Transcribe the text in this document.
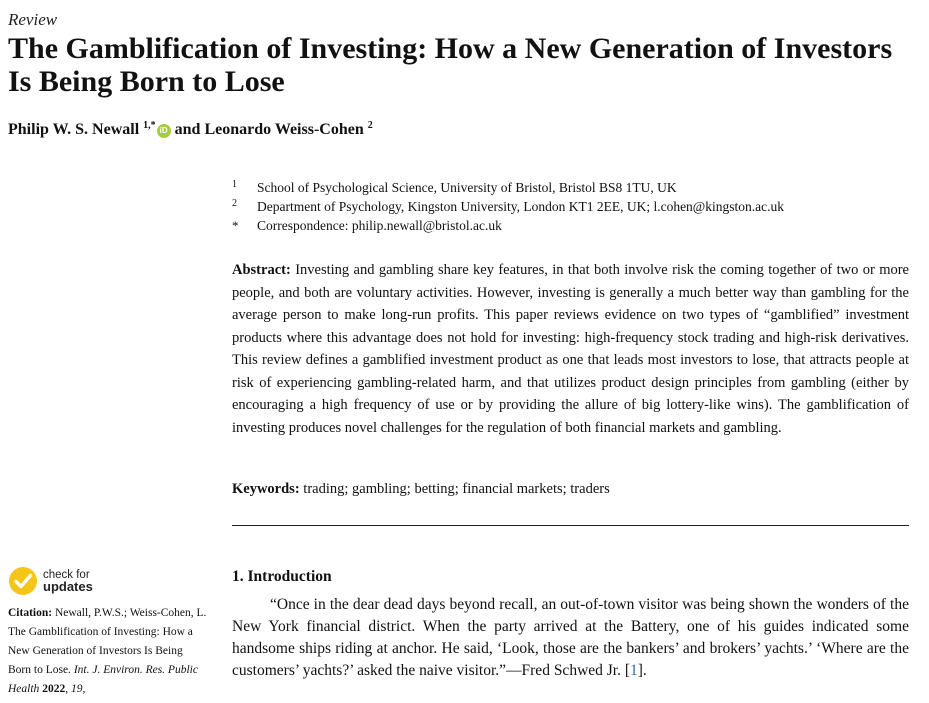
Review
The Gamblification of Investing: How a New Generation of Investors Is Being Born to Lose
Philip W. S. Newall $^{1,*}$ iD and Leonardo Weiss-Cohen $^2$
1 School of Psychological Science, University of Bristol, Bristol BS8 1TU, UK
2 Department of Psychology, Kingston University, London KT1 2EE, UK; l.cohen@kingston.ac.uk
* Correspondence: philip.newall@bristol.ac.uk
Abstract: Investing and gambling share key features, in that both involve risk the coming together of two or more people, and both are voluntary activities. However, investing is generally a much better way than gambling for the average person to make long-run profits. This paper reviews evidence on two types of “gamblified” investment products where this advantage does not hold for investing: high-frequency stock trading and high-risk derivatives. This review defines a gamblified investment product as one that leads most investors to lose, that attracts people at risk of experiencing gambling-related harm, and that utilizes product design principles from gambling (either by encouraging a high frequency of use or by providing the allure of big lottery-like wins). The gamblification of investing produces novel challenges for the regulation of both financial markets and gambling.
Keywords: trading; gambling; betting; financial markets; traders
check for
updates
Citation: Newall, P.W.S.; Weiss-Cohen, L. The Gamblification of Investing: How a New Generation of Investors Is Being Born to Lose. Int. J. Environ. Res. Public Health 2022, 19,
1. Introduction
“Once in the dear dead days beyond recall, an out-of-town visitor was being shown the wonders of the New York financial district. When the party arrived at the Battery, one of his guides indicated some handsome ships riding at anchor. He said, ‘Look, those are the bankers’ and brokers’ yachts.’ ‘Where are the customers’ yachts?’ asked the naive visitor.”—Fred Schwed Jr. [1].
